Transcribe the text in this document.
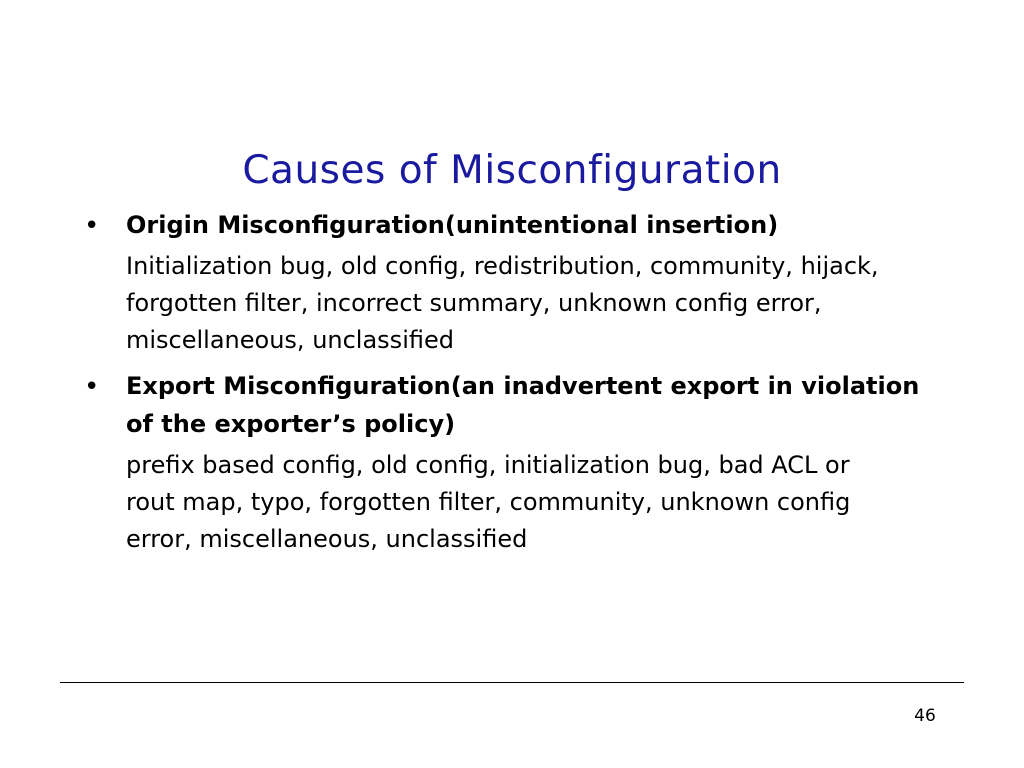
Causes of Misconfiguration
• Origin Misconfiguration(unintentional insertion)

Initialization bug, old config, redistribution, community, hijack, forgotten filter, incorrect summary, unknown config error, miscellaneous, unclassified

• Export Misconfiguration(an inadvertent export in violation of the exporter’s policy)

prefix based config, old config, initialization bug, bad ACL or rout map, typo, forgotten filter, community, unknown config error, miscellaneous, unclassified

46
